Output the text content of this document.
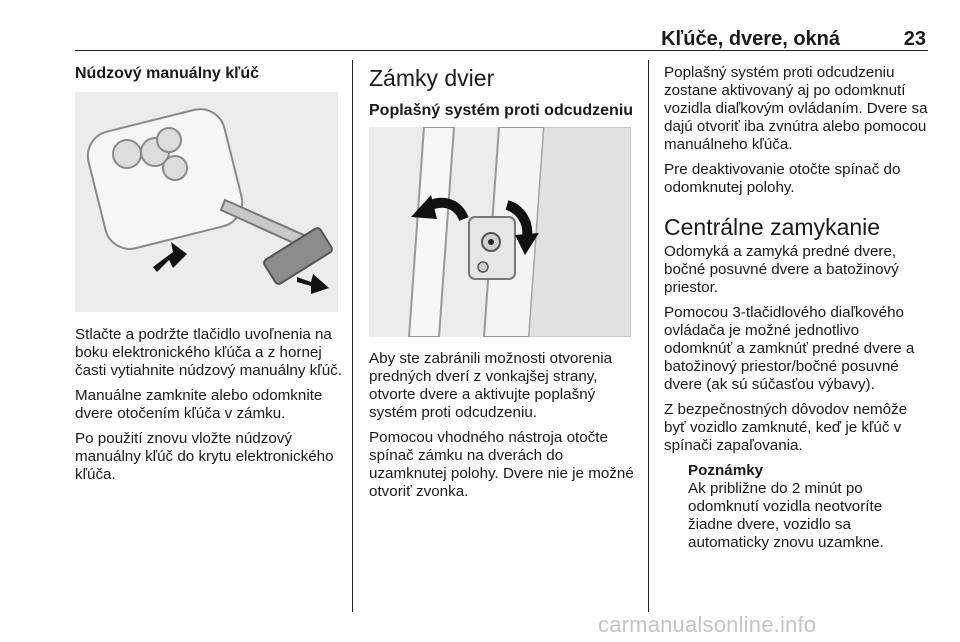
Kľúče, dvere, okná	23
Núdzový manuálny kľúč

Stlačte a podržte tlačidlo uvoľnenia na boku elektronického kľúča a z hornej časti vytiahnite núdzový manuálny kľúč.

Manuálne zamknite alebo odomknite dvere otočením kľúča v zámku.

Po použití znovu vložte núdzový manuálny kľúč do krytu elektronického kľúča.

Zámky dvier
Poplašný systém proti odcudzeniu

Aby ste zabránili možnosti otvorenia predných dverí z vonkajšej strany, otvorte dvere a aktivujte poplašný systém proti odcudzeniu.

Pomocou vhodného nástroja otočte spínač zámku na dverách do uzamknutej polohy. Dvere nie je možné otvoriť zvonka.

Poplašný systém proti odcudzeniu zostane aktivovaný aj po odomknutí vozidla diaľkovým ovládaním. Dvere sa dajú otvoriť iba zvnútra alebo pomocou manuálneho kľúča.

Pre deaktivovanie otočte spínač do odomknutej polohy.

Centrálne zamykanie

Odomyká a zamyká predné dvere, bočné posuvné dvere a batožinový priestor.

Pomocou 3-tlačidlového diaľkového ovládača je možné jednotlivo odomknúť a zamknúť predné dvere a batožinový priestor/bočné posuvné dvere (ak sú súčasťou výbavy).

Z bezpečnostných dôvodov nemôže byť vozidlo zamknuté, keď je kľúč v spínači zapaľovania.

Poznámky

Ak približne do 2 minút po odomknutí vozidla neotvoríte žiadne dvere, vozidlo sa automaticky znovu uzamkne.

carmanualsonline.info
